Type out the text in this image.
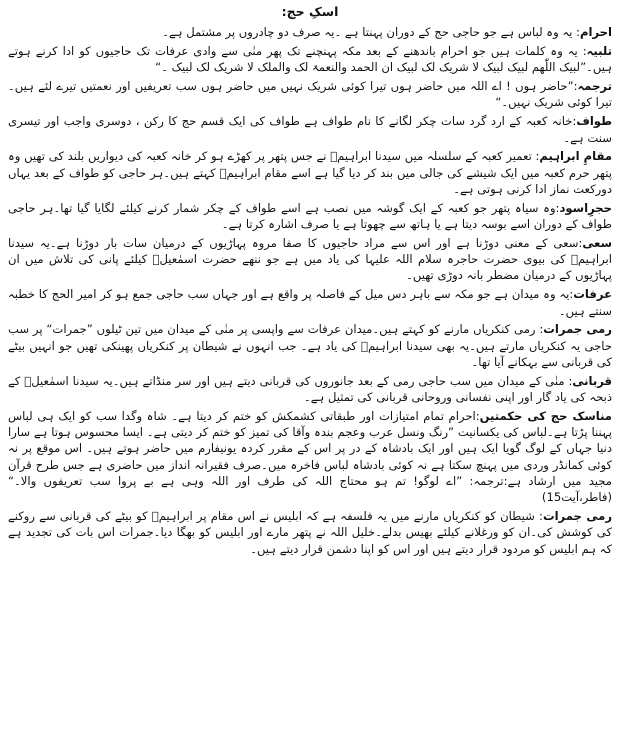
اسکِ حج:

احرام: یہ وہ لباس ہے جو حاجی حج کے دوران پہنتا ہے ۔یہ صرف دو چادروں پر مشتمل ہے۔

تلبیہ: یہ وہ کلمات ہیں جو احرام باندھنے کے بعد مکہ پہنچنے تک پھر منٰی سے وادی عرفات تک حاجیوں کو ادا کرنے ہوتے ہیں۔”لبیک اللّٰھم لبیک لبیک لا شریک لک لبیک ان الحمد والنعمۃ لک والملک لا شریک لک لبیک ۔“

ترجمہ:”حاضر ہوں ! اے اللہ میں حاضر ہوں تیرا کوئی شریک نہیں میں حاضر ہوں سب تعریفیں اور نعمتیں تیرے لئے ہیں۔تیرا کوئی شریک نہیں۔“

طواف:خانہ کعبہ کے ارد گرد سات چکر لگانے کا نام طواف ہے طواف کی ایک قسم حج کا رکن ، دوسری واجب اور تیسری سنت ہے۔

مقامِ ابراہیم: تعمیر کعبہ کے سلسلہ میں سیدنا ابراہیمؑ نے جس پتھر پر کھڑے ہو کر خانہ کعبہ کی دیواریں بلند کی تھیں وہ پتھر حرم کعبہ میں ایک شیشے کی جالی میں بند کر دیا گیا ہے اسے مقام ابراہیمؑ کہتے ہیں۔ہر حاجی کو طواف کے بعد یہاں دورکعت نماز ادا کرنی ہوتی ہے۔

حجرِاسود:وہ سیاہ پتھر جو کعبہ کے ایک گوشہ میں نصب ہے اسے طواف کے چکر شمار کرنے کیلئے لگایا گیا تھا۔ہر حاجی طواف کے دوران اسے بوسہ دیتا ہے یا ہاتھ سے چھوتا ہے یا صرف اشارہ کرتا ہے۔

سعی:سعی کے معنی دوڑنا ہے اور اس سے مراد حاجیوں کا صفا مروہ پہاڑیوں کے درمیان سات بار دوڑنا ہے۔یہ سیدنا ابراہیمؑ کی بیوی حضرت حاجرہ سلام اللہ علیہا کی یاد میں ہے جو ننھے حضرت اسمٰعیلؑ کیلئے پانی کی تلاش میں ان پہاڑیوں کے درمیان مضطر بانہ دوڑی تھیں۔

عرفات:یہ وہ میدان ہے جو مکہ سے باہر دس میل کے فاصلہ پر واقع ہے اور جہاں سب حاجی جمع ہو کر امیر الحج کا خطبہ سنتے ہیں۔

رمی جمرات: رمی کنکریاں مارنے کو کہتے ہیں۔میدان عرفات سے واپسی پر منٰی کے میدان میں تین ٹیلوں ”جمرات“ پر سب حاجی یہ کنکریاں مارتے ہیں۔یہ بھی سیدنا ابراہیمؑ کی یاد ہے۔ جب انہوں نے شیطان پر کنکریاں پھینکی تھیں جو انہیں بیٹے کی قربانی سے بہکانے آیا تھا۔

قربانی: منٰی کے میدان میں سب حاجی رمی کے بعد جانوروں کی قربانی دیتے ہیں اور سر منڈاتے ہیں۔یہ سیدنا اسمٰعیلؑ کے ذبحہ کی یاد گار اور اپنی نفسانی وروحانی قربانی کی تمثیل ہے۔

مناسک حج کی حکمتیں:احرام تمام امتیازات اور طبقاتی کشمکش کو ختم کر دیتا ہے۔ شاہ وگدا سب کو ایک ہی لباس پہننا پڑتا ہے۔لباس کی یکسانیت ”رنگ ونسل عرب وعجم بندہ وآقا کی تمیز کو ختم کر دیتی ہے۔ ایسا محسوس ہوتا ہے سارا دنیا جہاں کے لوگ گویا ایک ہیں اور ایک بادشاہ کے در پر اس کے مقرر کردہ یونیفارم میں حاضر ہوتے ہیں۔ اس موقع پر نہ کوئی کمانڈر وردی میں پہنچ سکتا ہے نہ کوئی بادشاہ لباس فاخرہ میں۔صرف فقیرانہ انداز میں حاضری ہے جس طرح قرآن مجید میں ارشاد ہے:ترجمہ: ”اے لوگو! تم ہو محتاج اللہ کی طرف اور اللہ وہی ہے بے پروا سب تعریفوں والا۔“ (فاطر،آیت15)

رمی جمرات: شیطان کو کنکریاں مارنے میں یہ فلسفہ ہے کہ ابلیس نے اس مقام پر ابراہیمؑ کو بیٹے کی قربانی سے روکنے کی کوشش کی۔ان کو ورغلانے کیلئے بھیس بدلے۔خلیل اللہ نے پتھر مارے اور ابلیس کو بھگا دیا۔جمرات اس بات کی تجدید ہے کہ ہم ابلیس کو مردود قرار دیتے ہیں اور اس کو اپنا دشمن قرار دیتے ہیں۔
